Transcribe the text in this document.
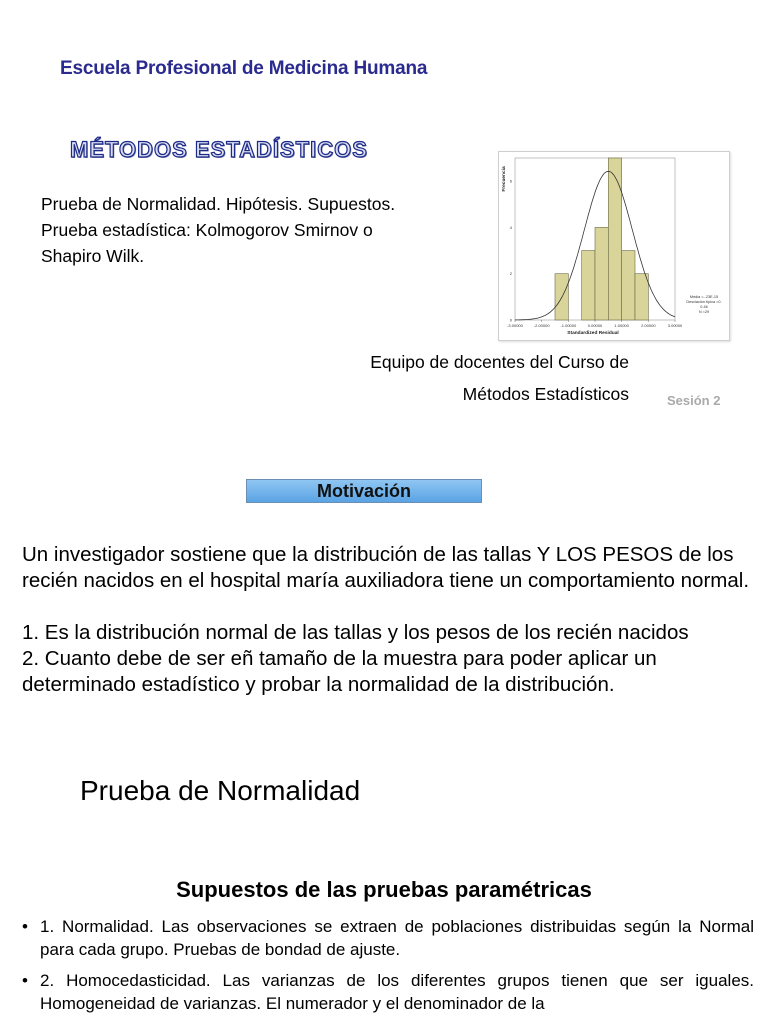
Escuela Profesional de Medicina Humana
MÉTODOS ESTADÍSTICOS
Prueba de Normalidad. Hipótesis. Supuestos.
Prueba estadística: Kolmogorov Smirnov o
Shapiro Wilk.
-3.00000	-2.00000	-1.00000	0.00000	1.00000	2.00000	3.00000
0
2
4
6
Standardized Residual
Frecuencia
Media =-.23E-15
Desviación típica =0.
0.46
N =29
Equipo de docentes del Curso de
Métodos Estadísticos	Sesión 2
Motivación

Un investigador sostiene que la distribución de las tallas Y LOS PESOS de los recién nacidos en el hospital maría auxiliadora tiene un comportamiento normal.

1. Es la distribución normal de las tallas y los pesos de los recién nacidos

2. Cuanto debe de ser eñ tamaño de la muestra para poder aplicar un determinado estadístico y probar la normalidad de la distribución.

Prueba de Normalidad
Supuestos de las pruebas paramétricas
• 1. Normalidad. Las observaciones se extraen de poblaciones distribuidas según la Normal para cada grupo. Pruebas de bondad de ajuste.
• 2. Homocedasticidad. Las varianzas de los diferentes grupos tienen que ser iguales. Homogeneidad de varianzas. El numerador y el denominador de la
